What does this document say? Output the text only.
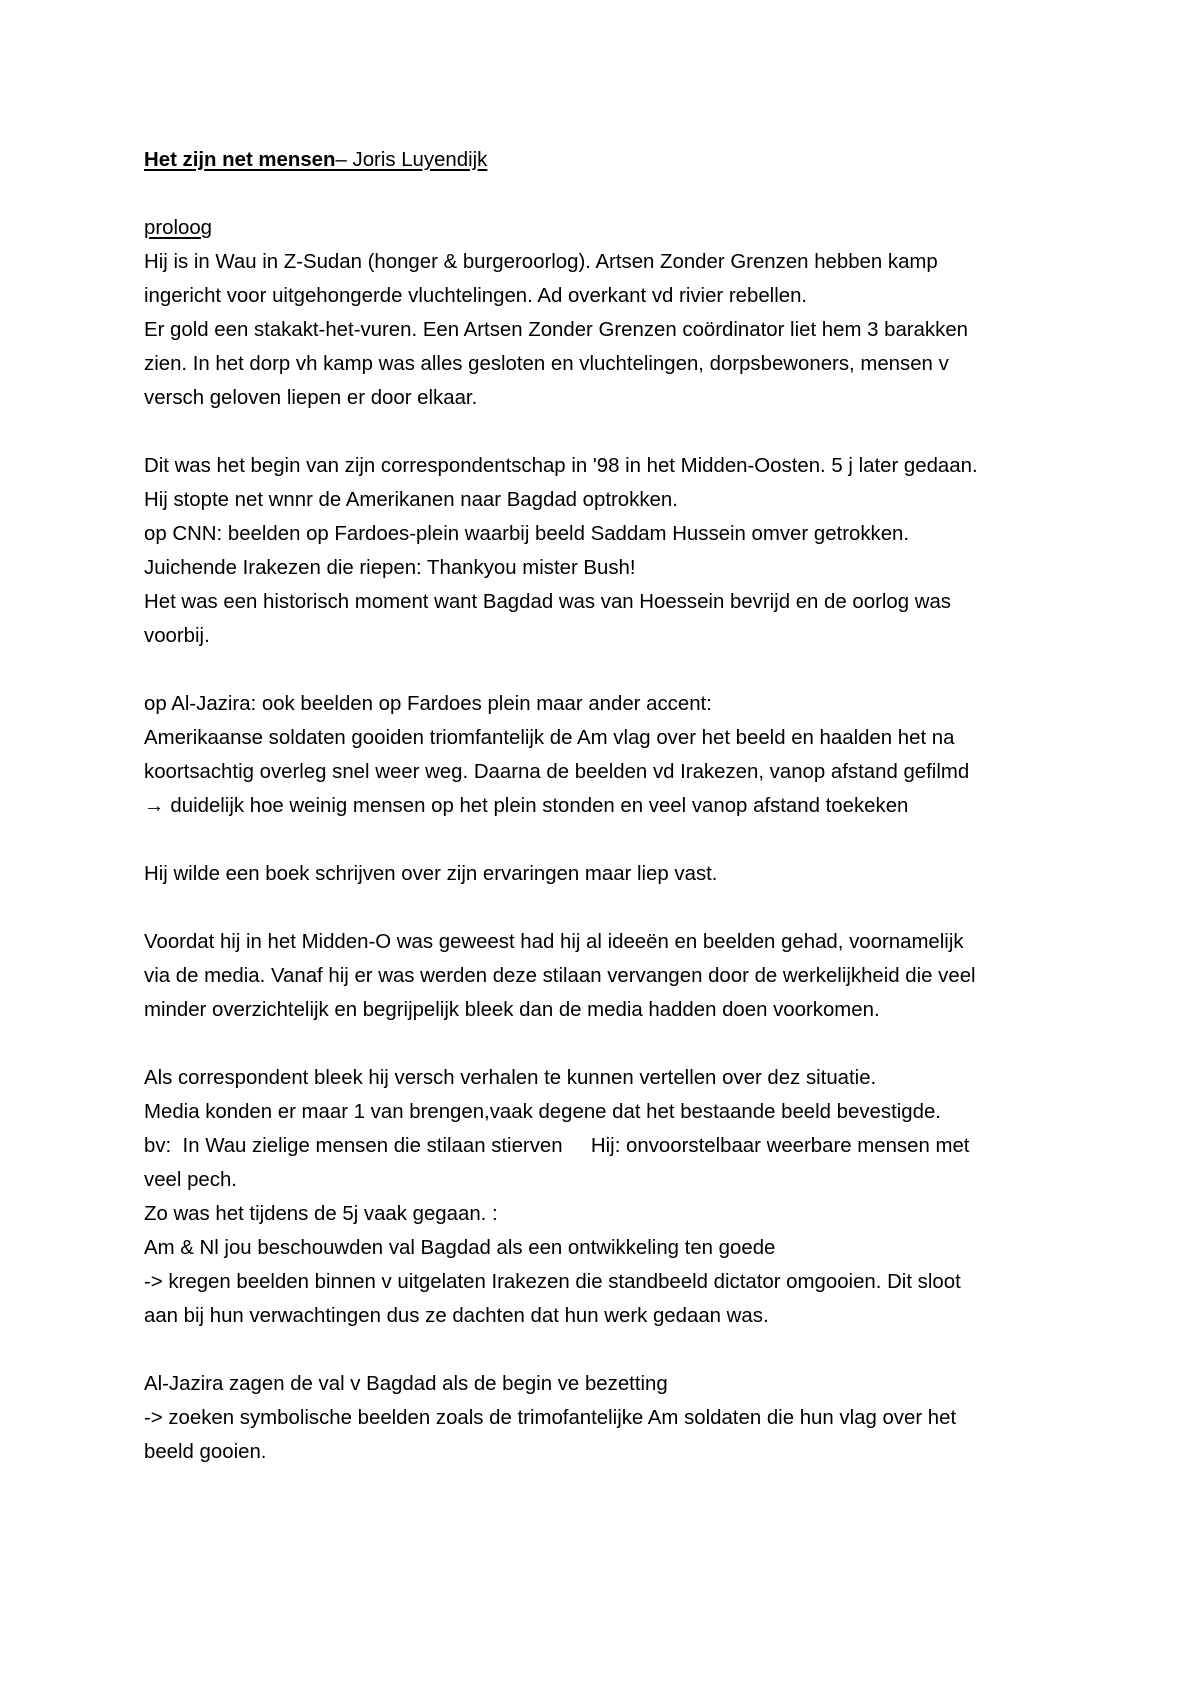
Het zijn net mensen– Joris Luyendijk
proloog
Hij is in Wau in Z-Sudan (honger & burgeroorlog). Artsen Zonder Grenzen hebben kamp
ingericht voor uitgehongerde vluchtelingen. Ad overkant vd rivier rebellen.
Er gold een stakakt-het-vuren. Een Artsen Zonder Grenzen coördinator liet hem 3 barakken
zien. In het dorp vh kamp was alles gesloten en vluchtelingen, dorpsbewoners, mensen v
versch geloven liepen er door elkaar.
Dit was het begin van zijn correspondentschap in '98 in het Midden-Oosten. 5 j later gedaan.
Hij stopte net wnnr de Amerikanen naar Bagdad optrokken.
op CNN: beelden op Fardoes-plein waarbij beeld Saddam Hussein omver getrokken.
Juichende Irakezen die riepen: Thankyou mister Bush!
Het was een historisch moment want Bagdad was van Hoessein bevrijd en de oorlog was
voorbij.
op Al-Jazira: ook beelden op Fardoes plein maar ander accent:
Amerikaanse soldaten gooiden triomfantelijk de Am vlag over het beeld en haalden het na
koortsachtig overleg snel weer weg. Daarna de beelden vd Irakezen, vanop afstand gefilmd
→ duidelijk hoe weinig mensen op het plein stonden en veel vanop afstand toekeken
Hij wilde een boek schrijven over zijn ervaringen maar liep vast.
Voordat hij in het Midden-O was geweest had hij al ideeën en beelden gehad, voornamelijk
via de media. Vanaf hij er was werden deze stilaan vervangen door de werkelijkheid die veel
minder overzichtelijk en begrijpelijk bleek dan de media hadden doen voorkomen.
Als correspondent bleek hij versch verhalen te kunnen vertellen over dez situatie.
Media konden er maar 1 van brengen,vaak degene dat het bestaande beeld bevestigde.
bv:  In Wau zielige mensen die stilaan stierven     Hij: onvoorstelbaar weerbare mensen met
veel pech.
Zo was het tijdens de 5j vaak gegaan. :
Am & Nl jou beschouwden val Bagdad als een ontwikkeling ten goede
-> kregen beelden binnen v uitgelaten Irakezen die standbeeld dictator omgooien. Dit sloot
aan bij hun verwachtingen dus ze dachten dat hun werk gedaan was.
Al-Jazira zagen de val v Bagdad als de begin ve bezetting
-> zoeken symbolische beelden zoals de trimofantelijke Am soldaten die hun vlag over het
beeld gooien.
